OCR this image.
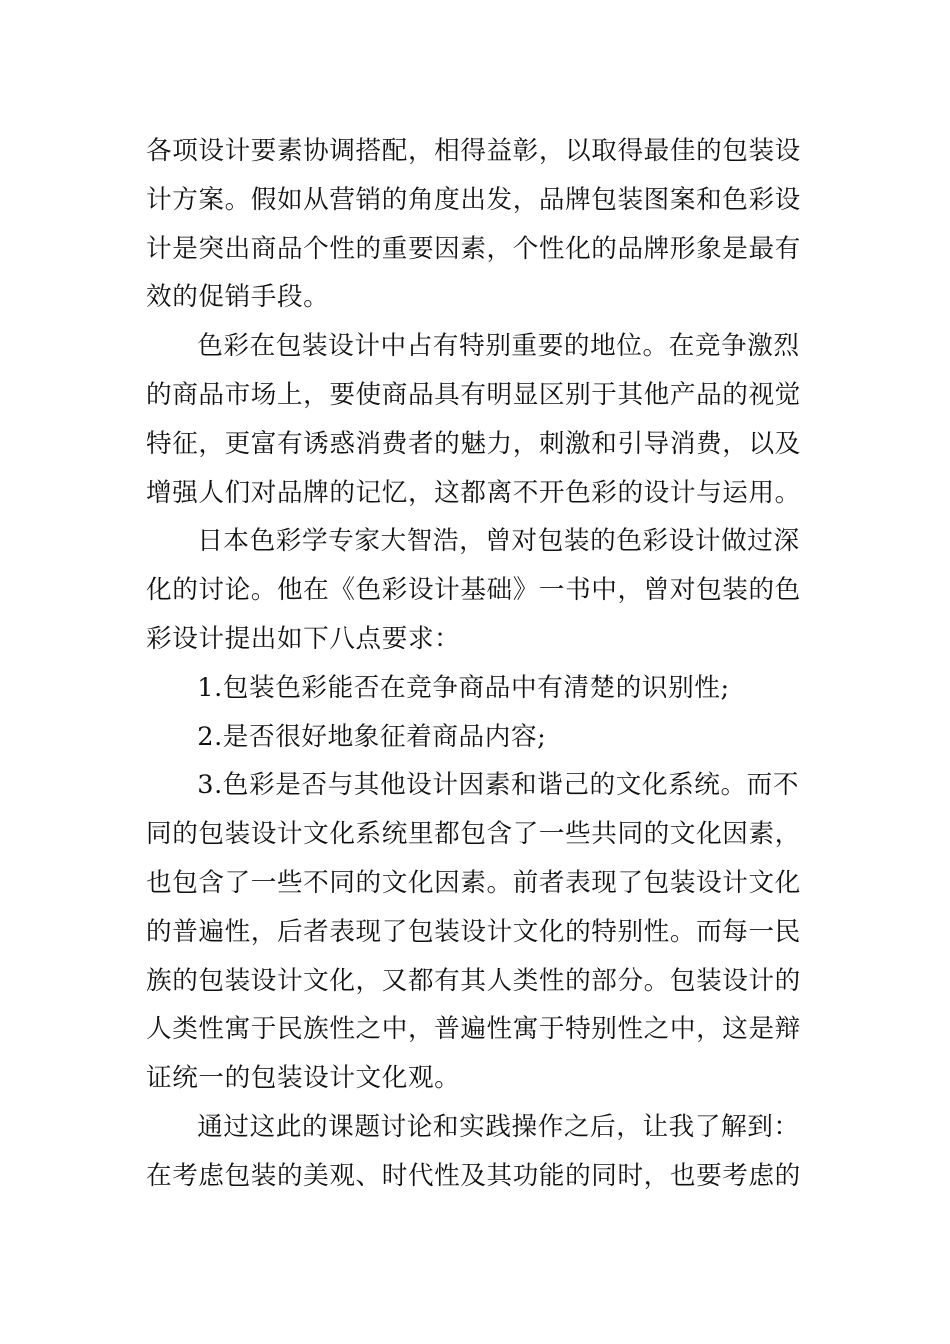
各项设计要素协调搭配，相得益彰，以取得最佳的包装设
计方案。假如从营销的角度出发，品牌包装图案和色彩设
计是突出商品个性的重要因素，个性化的品牌形象是最有
效的促销手段。
色彩在包装设计中占有特别重要的地位。在竞争激烈
的商品市场上，要使商品具有明显区别于其他产品的视觉
特征，更富有诱惑消费者的魅力，刺激和引导消费，以及
增强人们对品牌的记忆，这都离不开色彩的设计与运用。
日本色彩学专家大智浩，曾对包装的色彩设计做过深
化的讨论。他在《色彩设计基础》一书中，曾对包装的色
彩设计提出如下八点要求：
1.包装色彩能否在竞争商品中有清楚的识别性;
2.是否很好地象征着商品内容;
3.色彩是否与其他设计因素和谐己的文化系统。而不
同的包装设计文化系统里都包含了一些共同的文化因素，
也包含了一些不同的文化因素。前者表现了包装设计文化
的普遍性，后者表现了包装设计文化的特别性。而每一民
族的包装设计文化，又都有其人类性的部分。包装设计的
人类性寓于民族性之中，普遍性寓于特别性之中，这是辩
证统一的包装设计文化观。
通过这此的课题讨论和实践操作之后，让我了解到：
在考虑包装的美观、时代性及其功能的同时，也要考虑的
